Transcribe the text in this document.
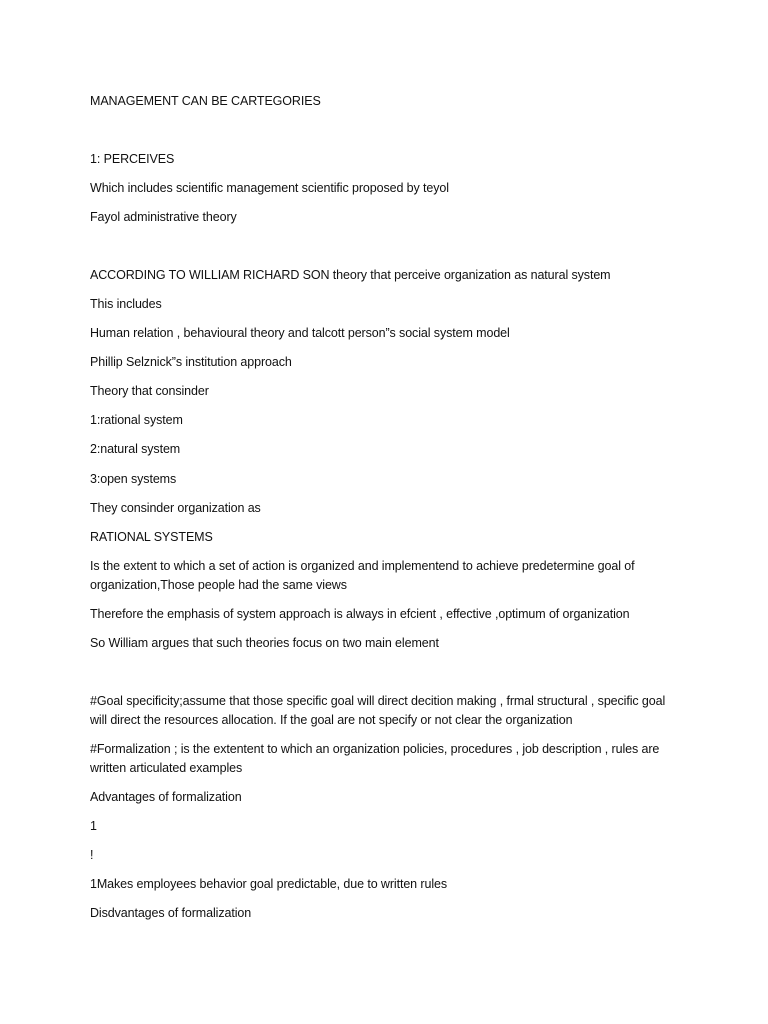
MANAGEMENT CAN BE CARTEGORIES
1: PERCEIVES
Which includes scientific management scientific proposed by teyol
Fayol administrative theory
ACCORDING TO WILLIAM RICHARD SON theory that perceive organization as natural system
This includes
Human relation , behavioural theory and talcott person”s social system model
Phillip Selznick”s institution approach
Theory that consinder
1:rational system
2:natural system
3:open systems
They consinder organization as
RATIONAL SYSTEMS
Is the extent to which a set of action is organized and implementend to achieve predetermine goal of organization,Those people had the same views
Therefore the emphasis of system approach is always in efcient , effective ,optimum of organization
So William argues that such theories focus on two main element
#Goal specificity;assume that those specific goal will direct decition making , frmal structural , specific goal will direct the resources allocation. If the goal are not specify or not clear the organization
#Formalization ; is the extentent to which an organization policies, procedures , job description , rules are written articulated examples
Advantages of formalization
1
!
1Makes employees behavior goal predictable, due to written rules
Disdvantages of formalization
